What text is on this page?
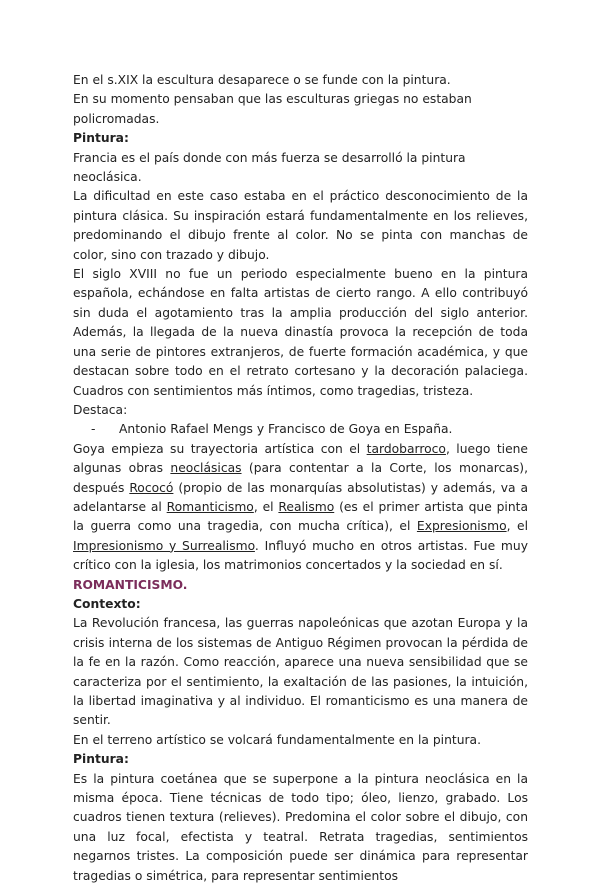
En el s.XIX la escultura desaparece o se funde con la pintura.

En su momento pensaban que las esculturas griegas no estaban policromadas.

Pintura:

Francia es el país donde con más fuerza se desarrolló la pintura neoclásica.

La dificultad en este caso estaba en el práctico desconocimiento de la pintura clásica. Su inspiración estará fundamentalmente en los relieves, predominando el dibujo frente al color. No se pinta con manchas de color, sino con trazado y dibujo.

El siglo XVIII no fue un periodo especialmente bueno en la pintura española, echándose en falta artistas de cierto rango. A ello contribuyó sin duda el agotamiento tras la amplia producción del siglo anterior. Además, la llegada de la nueva dinastía provoca la recepción de toda una serie de pintores extranjeros, de fuerte formación académica, y que destacan sobre todo en el retrato cortesano y la decoración palaciega. Cuadros con sentimientos más íntimos, como tragedias, tristeza.

Destaca:

-	Antonio Rafael Mengs y Francisco de Goya en España.

Goya empieza su trayectoria artística con el tardobarroco, luego tiene algunas obras neoclásicas (para contentar a la Corte, los monarcas), después Rococó (propio de las monarquías absolutistas) y además, va a adelantarse al Romanticismo, el Realismo (es el primer artista que pinta la guerra como una tragedia, con mucha crítica), el Expresionismo, el Impresionismo y Surrealismo. Influyó mucho en otros artistas. Fue muy crítico con la iglesia, los matrimonios concertados y la sociedad en sí.

ROMANTICISMO.

Contexto:

La Revolución francesa, las guerras napoleónicas que azotan Europa y la crisis interna de los sistemas de Antiguo Régimen provocan la pérdida de la fe en la razón. Como reacción, aparece una nueva sensibilidad que se caracteriza por el sentimiento, la exaltación de las pasiones, la intuición, la libertad imaginativa y al individuo. El romanticismo es una manera de sentir.

En el terreno artístico se volcará fundamentalmente en la pintura.

Pintura:

Es la pintura coetánea que se superpone a la pintura neoclásica en la misma época. Tiene técnicas de todo tipo; óleo, lienzo, grabado. Los cuadros tienen textura (relieves). Predomina el color sobre el dibujo, con una luz focal, efectista y teatral. Retrata tragedias, sentimientos negarnos tristes. La composición puede ser dinámica para representar tragedias o simétrica, para representar sentimientos
